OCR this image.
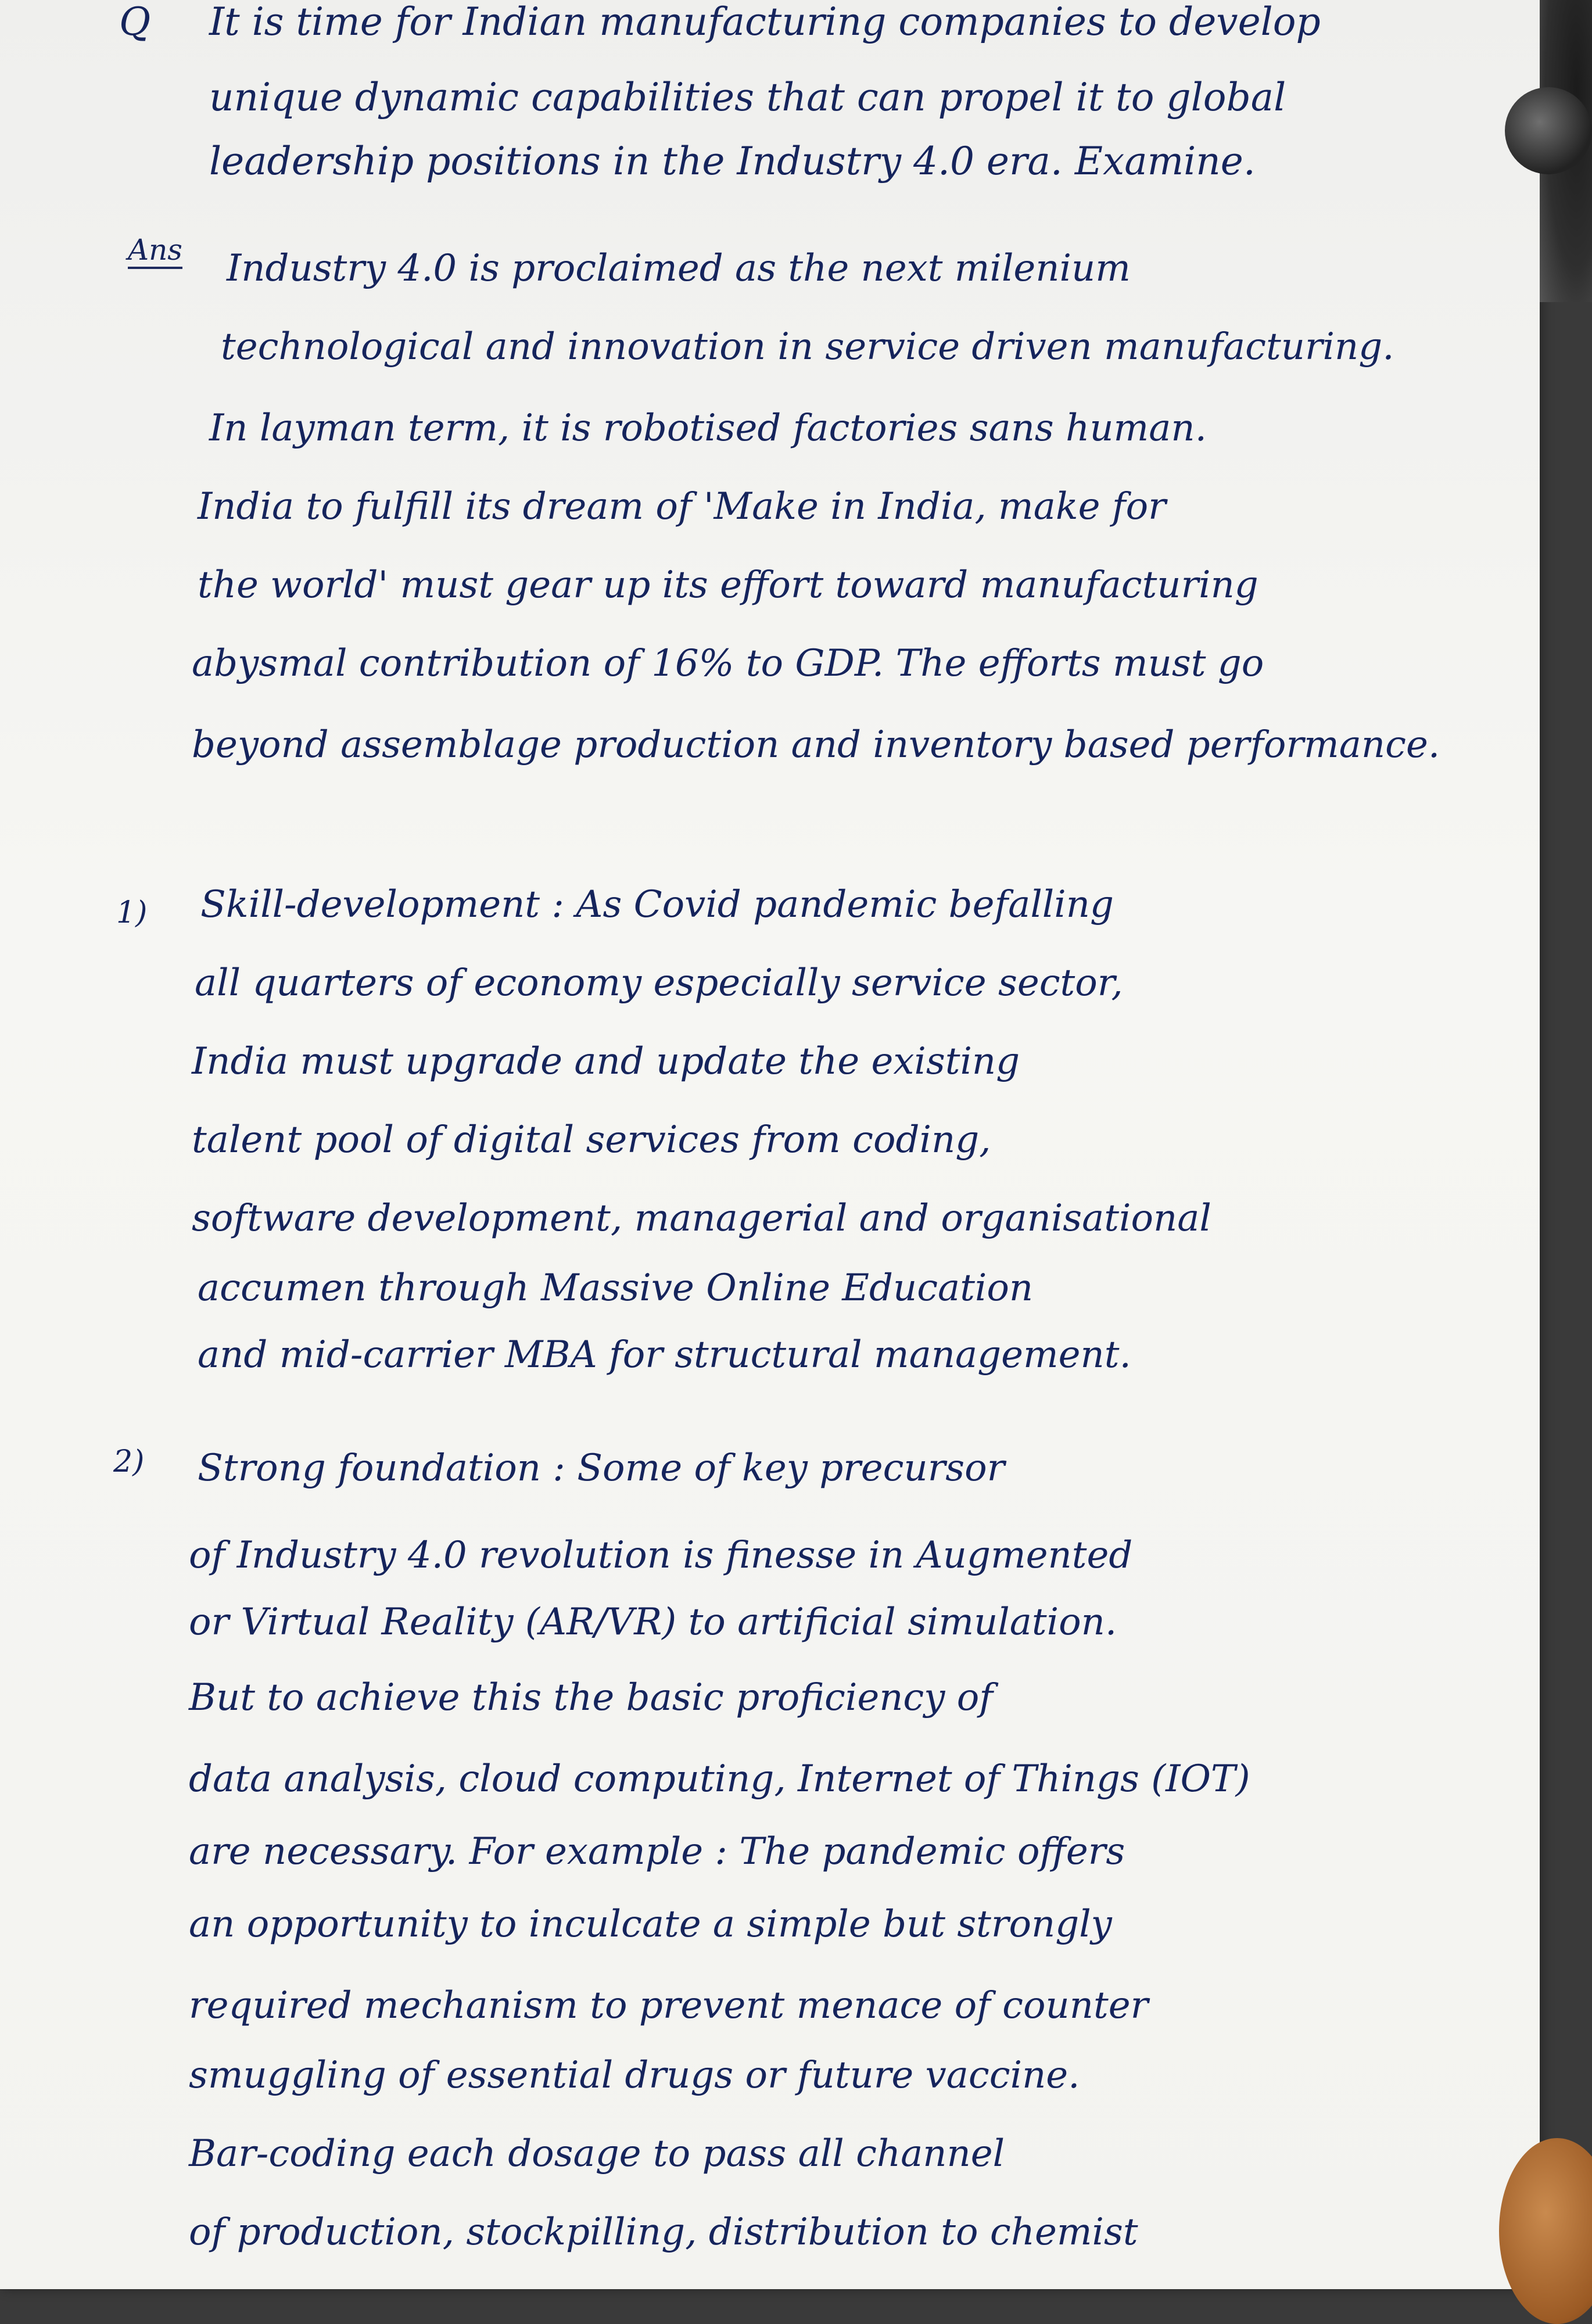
Q It is time for Indian manufacturing companies to develop
unique dynamic capabilities that can propel it to global
leadership positions in the Industry 4.0 era. Examine.
Ans Industry 4.0 is proclaimed as the next milenium
technological and innovation in service driven manufacturing.
In layman term, it is robotised factories sans human.
India to fulfill its dream of 'Make in India, make for
the world' must gear up its effort toward manufacturing
abysmal contribution of 16% to GDP. The efforts must go
beyond assemblage production and inventory based performance.
1) Skill-development : As Covid pandemic befalling
all quarters of economy especially service sector,
India must upgrade and update the existing
talent pool of digital services from coding,
software development, managerial and organisational
accumen through Massive Online Education
and mid-carrier MBA for structural management.
2) Strong foundation : Some of key precursor
of Industry 4.0 revolution is finesse in Augmented
or Virtual Reality (AR/VR) to artificial simulation.
But to achieve this the basic proficiency of
data analysis, cloud computing, Internet of Things (IOT)
are necessary. For example : The pandemic offers
an opportunity to inculcate a simple but strongly
required mechanism to prevent menace of counter
smuggling of essential drugs or future vaccine.
Bar-coding each dosage to pass all channel
of production, stockpilling, distribution to chemist
